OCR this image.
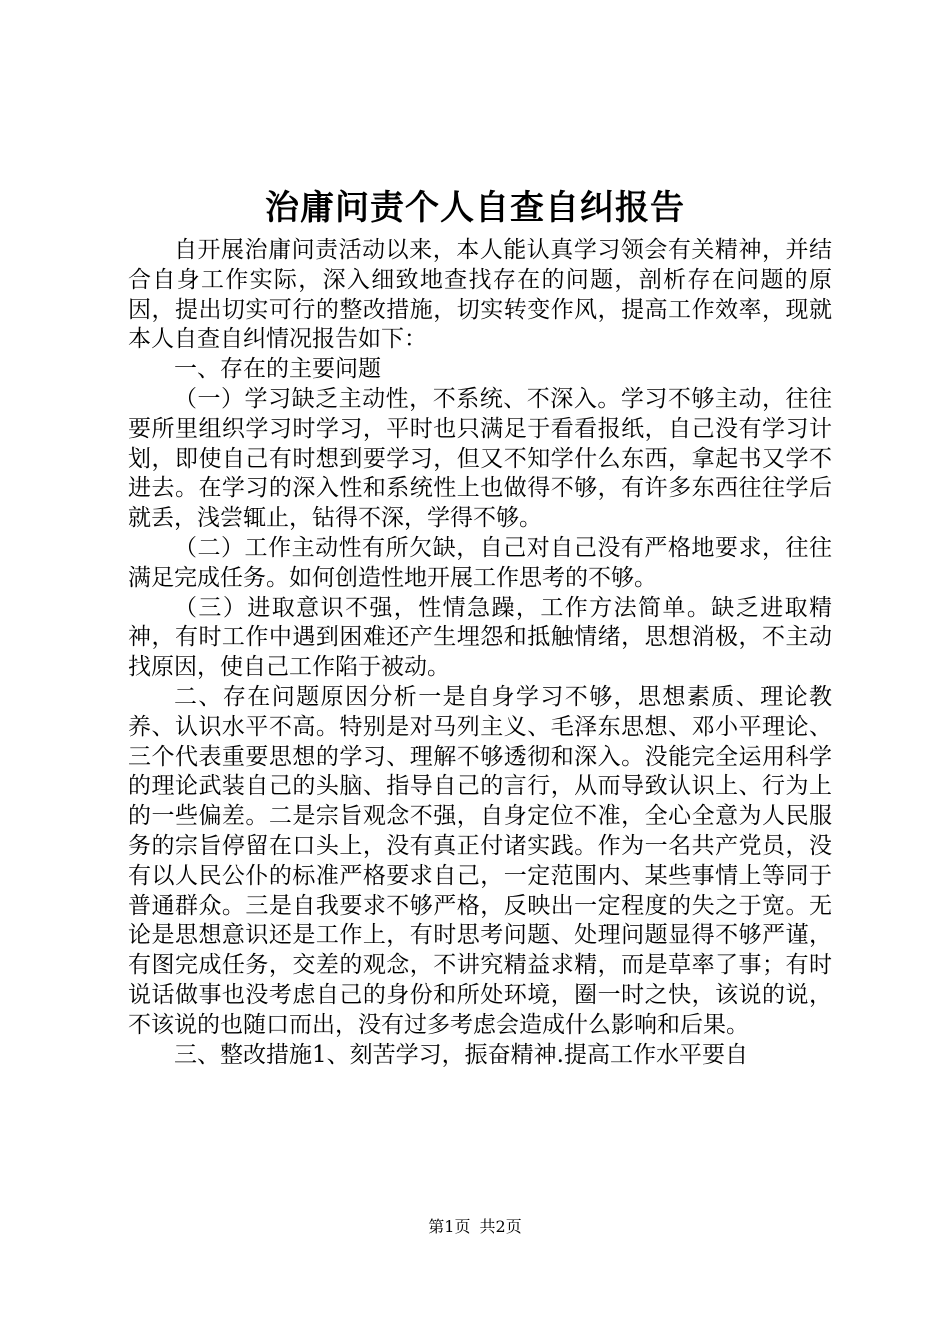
治庸问责个人自查自纠报告

自开展治庸问责活动以来，本人能认真学习领会有关精神，并结合自身工作实际，深入细致地查找存在的问题，剖析存在问题的原因，提出切实可行的整改措施，切实转变作风，提高工作效率，现就本人自查自纠情况报告如下：

一、存在的主要问题

（一）学习缺乏主动性，不系统、不深入。学习不够主动，往往要所里组织学习时学习，平时也只满足于看看报纸，自己没有学习计划，即使自己有时想到要学习，但又不知学什么东西，拿起书又学不进去。在学习的深入性和系统性上也做得不够，有许多东西往往学后就丢，浅尝辄止，钻得不深，学得不够。

（二）工作主动性有所欠缺，自己对自己没有严格地要求，往往满足完成任务。如何创造性地开展工作思考的不够。

（三）进取意识不强，性情急躁，工作方法简单。缺乏进取精神，有时工作中遇到困难还产生埋怨和抵触情绪，思想消极，不主动找原因，使自己工作陷于被动。

二、存在问题原因分析一是自身学习不够，思想素质、理论教养、认识水平不高。特别是对马列主义、毛泽东思想、邓小平理论、三个代表重要思想的学习、理解不够透彻和深入。没能完全运用科学的理论武装自己的头脑、指导自己的言行，从而导致认识上、行为上的一些偏差。二是宗旨观念不强，自身定位不准，全心全意为人民服务的宗旨停留在口头上，没有真正付诸实践。作为一名共产党员，没有以人民公仆的标准严格要求自己，一定范围内、某些事情上等同于普通群众。三是自我要求不够严格，反映出一定程度的失之于宽。无论是思想意识还是工作上，有时思考问题、处理问题显得不够严谨，有图完成任务，交差的观念，不讲究精益求精，而是草率了事；有时说话做事也没考虑自己的身份和所处环境，圈一时之快，该说的说，不该说的也随口而出，没有过多考虑会造成什么影响和后果。

三、整改措施1、刻苦学习，振奋精神.提高工作水平要自

第1页 共2页
